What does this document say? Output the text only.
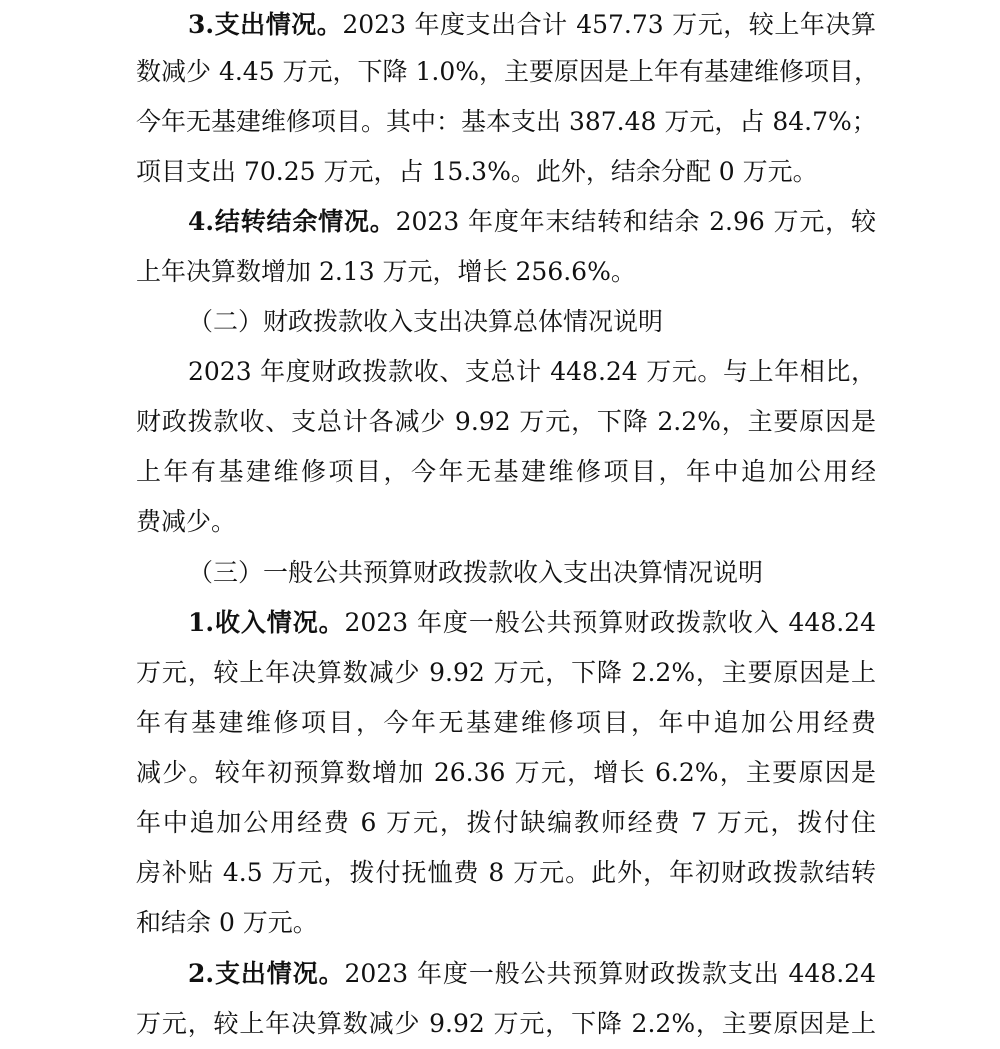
3.支出情况。2023 年度支出合计 457.73 万元，较上年决算
数减少 4.45 万元，下降 1.0%，主要原因是上年有基建维修项目，
今年无基建维修项目。其中：基本支出 387.48 万元，占 84.7%；
项目支出 70.25 万元，占 15.3%。此外，结余分配 0 万元。
4.结转结余情况。2023 年度年末结转和结余 2.96 万元，较
上年决算数增加 2.13 万元，增长 256.6%。
（二）财政拨款收入支出决算总体情况说明
2023 年度财政拨款收、支总计 448.24 万元。与上年相比，
财政拨款收、支总计各减少 9.92 万元，下降 2.2%，主要原因是
上年有基建维修项目，今年无基建维修项目，年中追加公用经
费减少。
（三）一般公共预算财政拨款收入支出决算情况说明
1.收入情况。2023 年度一般公共预算财政拨款收入 448.24
万元，较上年决算数减少 9.92 万元，下降 2.2%，主要原因是上
年有基建维修项目，今年无基建维修项目，年中追加公用经费
减少。较年初预算数增加 26.36 万元，增长 6.2%，主要原因是
年中追加公用经费 6 万元，拨付缺编教师经费 7 万元，拨付住
房补贴 4.5 万元，拨付抚恤费 8 万元。此外，年初财政拨款结转
和结余 0 万元。
2.支出情况。2023 年度一般公共预算财政拨款支出 448.24
万元，较上年决算数减少 9.92 万元，下降 2.2%，主要原因是上
